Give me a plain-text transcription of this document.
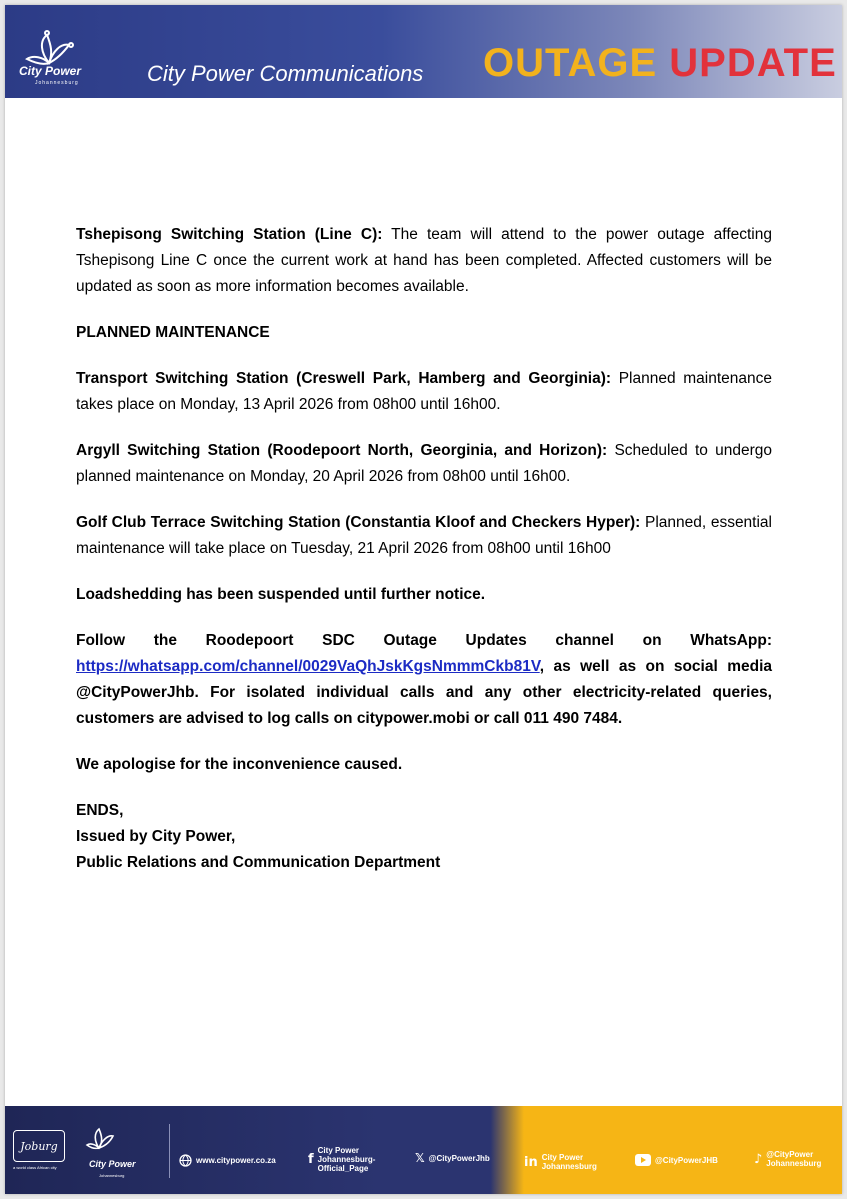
City Power
Johannesburg	City Power Communications OUTAGE UPDATE

Tshepisong Switching Station (Line C): The team will attend to the power outage affecting Tshepisong Line C once the current work at hand has been completed. Affected customers will be updated as soon as more information becomes available.

PLANNED MAINTENANCE

Transport Switching Station (Creswell Park, Hamberg and Georginia): Planned maintenance takes place on Monday, 13 April 2026 from 08h00 until 16h00.

Argyll Switching Station (Roodepoort North, Georginia, and Horizon): Scheduled to undergo planned maintenance on Monday, 20 April 2026 from 08h00 until 16h00.

Golf Club Terrace Switching Station (Constantia Kloof and Checkers Hyper): Planned, essential maintenance will take place on Tuesday, 21 April 2026 from 08h00 until 16h00

Loadshedding has been suspended until further notice.

Follow the Roodepoort SDC Outage Updates channel on WhatsApp:
https://whatsapp.com/channel/0029VaQhJskKgsNmmmCkb81V, as well as on social media @CityPowerJhb. For isolated individual calls and any other electricity-related queries, customers are advised to log calls on citypower.mobi or call 011 490 7484.

We apologise for the inconvenience caused.

ENDS,

Issued by City Power,

Public Relations and Communication Department

Joburg
a world class African city	City Power
Johannesburg
www.citypower.co.za f
City Power Johannesburg-Official_Page
𝕏 @CityPowerJhb	in City Power Johannesburg
@CityPowerJHB	♪ @CityPower Johannesburg
